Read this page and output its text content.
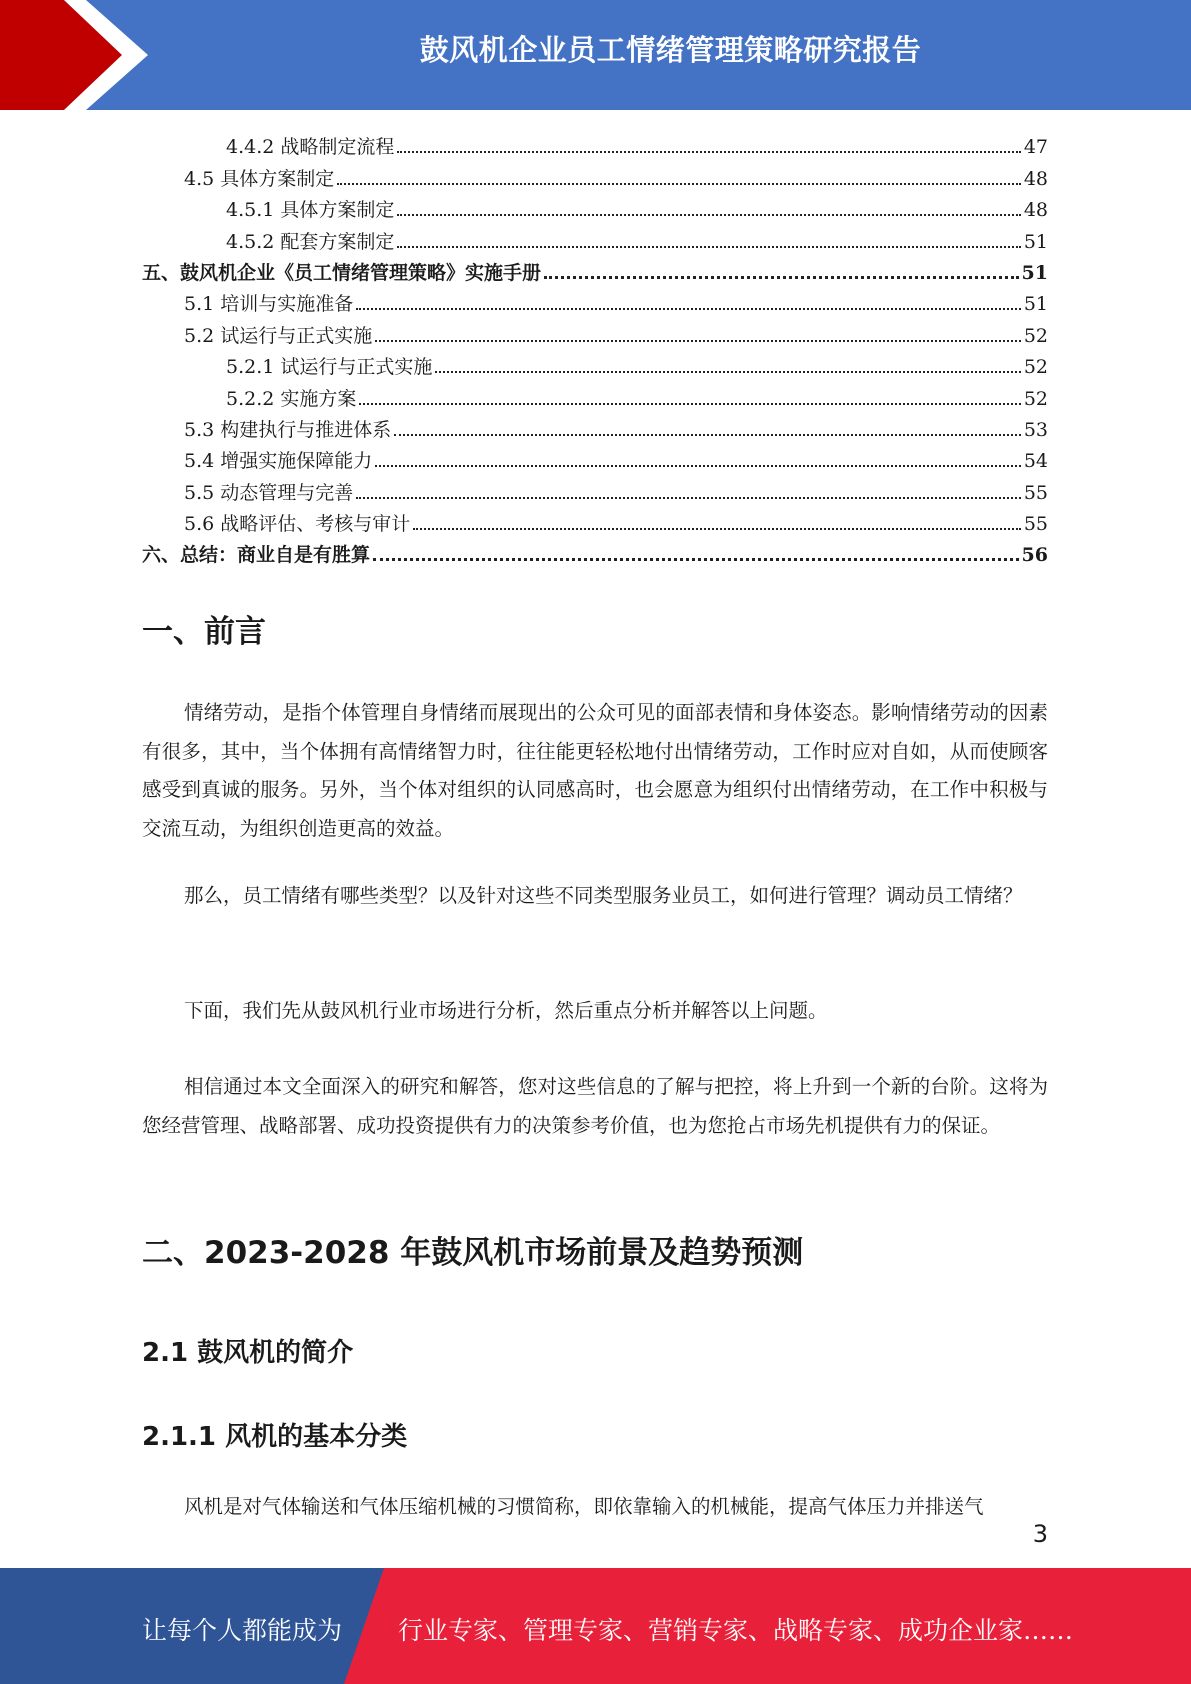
鼓风机企业员工情绪管理策略研究报告
4.4.2 战略制定流程	47
4.5 具体方案制定	48
4.5.1 具体方案制定	48
4.5.2 配套方案制定	51
五、鼓风机企业《员工情绪管理策略》实施手册	51
5.1 培训与实施准备	51
5.2 试运行与正式实施	52
5.2.1 试运行与正式实施	52
5.2.2 实施方案	52
5.3 构建执行与推进体系	53
5.4 增强实施保障能力	54
5.5 动态管理与完善	55
5.6 战略评估、考核与审计	55
六、总结：商业自是有胜算	56
一、前言

情绪劳动，是指个体管理自身情绪而展现出的公众可见的面部表情和身体姿态。影响情绪劳动的因素有很多，其中，当个体拥有高情绪智力时，往往能更轻松地付出情绪劳动，工作时应对自如，从而使顾客感受到真诚的服务。另外，当个体对组织的认同感高时，也会愿意为组织付出情绪劳动，在工作中积极与交流互动，为组织创造更高的效益。

那么，员工情绪有哪些类型？以及针对这些不同类型服务业员工，如何进行管理？调动员工情绪？

下面，我们先从鼓风机行业市场进行分析，然后重点分析并解答以上问题。

相信通过本文全面深入的研究和解答，您对这些信息的了解与把控，将上升到一个新的台阶。这将为您经营管理、战略部署、成功投资提供有力的决策参考价值，也为您抢占市场先机提供有力的保证。

二、2023-2028 年鼓风机市场前景及趋势预测
2.1 鼓风机的简介
2.1.1 风机的基本分类

风机是对气体输送和气体压缩机械的习惯简称，即依靠输入的机械能，提高气体压力并排送气

3
让每个人都能成为 行业专家、管理专家、营销专家、战略专家、成功企业家……
